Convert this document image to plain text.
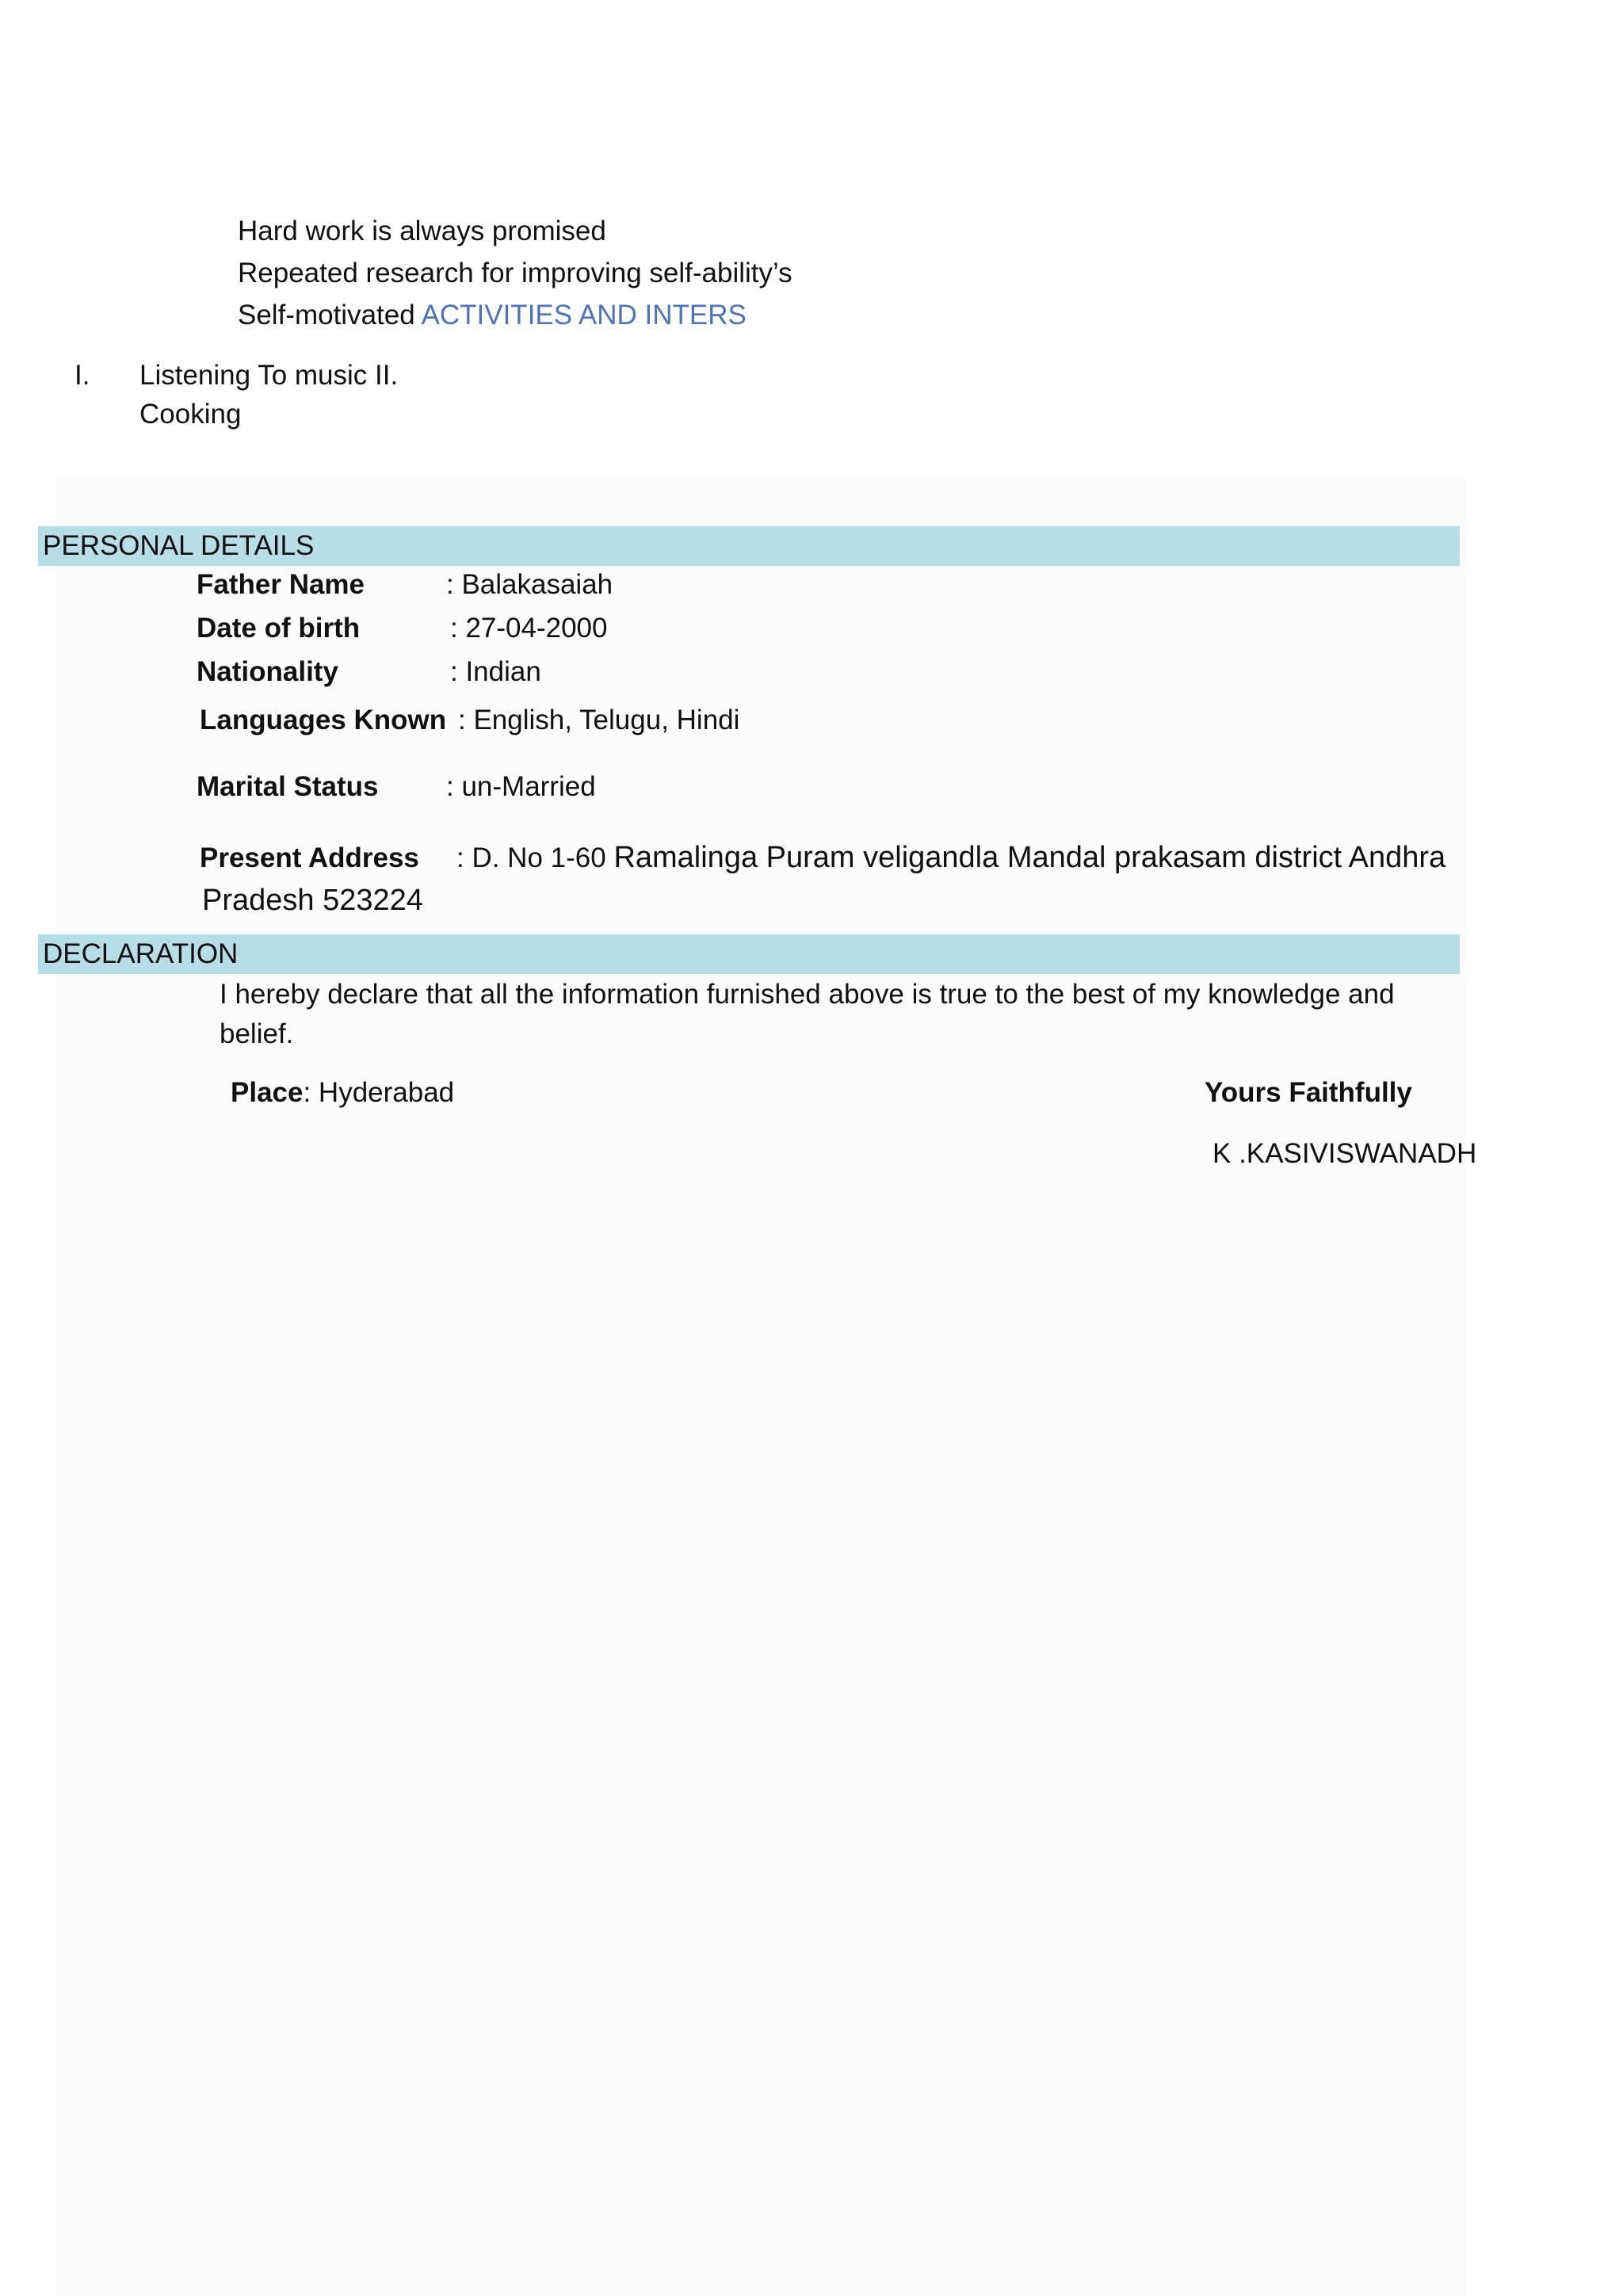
Hard work is always promised
Repeated research for improving self-ability’s
Self-motivated ACTIVITIES AND INTERS
I. Listening To music II.
Cooking
PERSONAL DETAILS
Father Name	: Balakasaiah
Date of birth	: 27-04-2000
Nationality	: Indian
Languages Known : English, Telugu, Hindi
Marital Status : un-Married
Present Address : D. No 1-60 Ramalinga Puram veligandla Mandal prakasam district Andhra
Pradesh 523224
DECLARATION
I hereby declare that all the information furnished above is true to the best of my knowledge and belief.
Place: Hyderabad	Yours Faithfully
K .KASIVISWANADH
